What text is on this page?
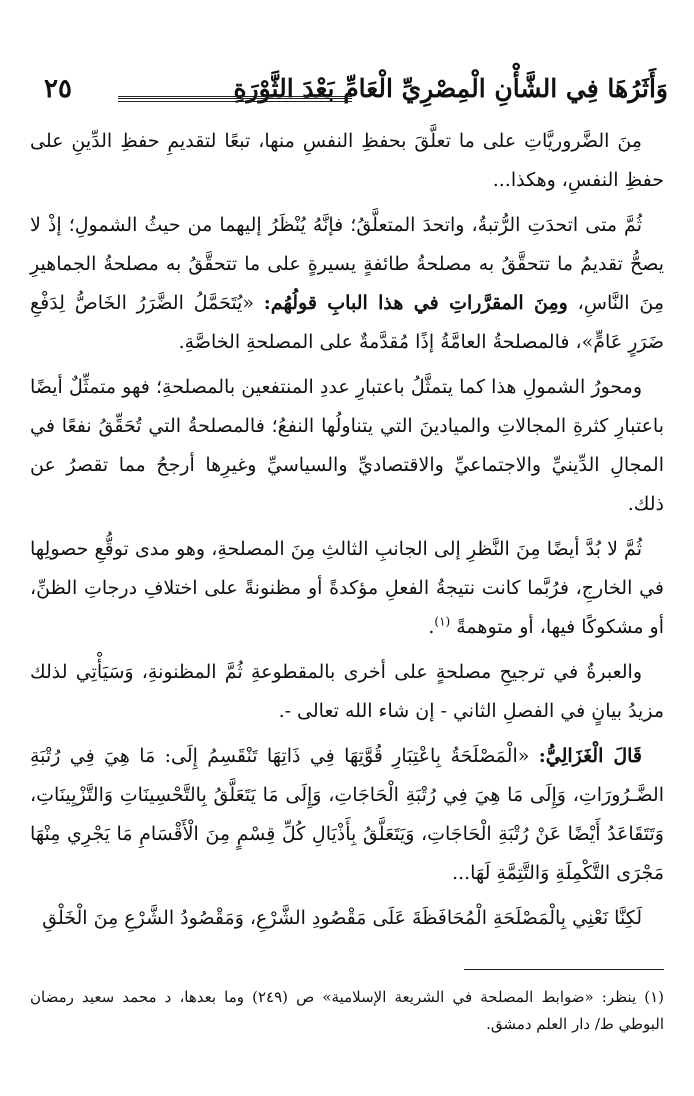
وَأَثَرُهَا فِي الشَّأْنِ الْمِصْرِيِّ الْعَامِّ بَعْدَ الثَّوْرَةِ
٢٥

مِنَ الضَّروريَّاتِ على ما تعلَّقَ بحفظِ النفسِ منها، تبعًا لتقديمِ حفظِ الدِّينِ على حفظِ النفسِ، وهكذا...

ثُمَّ متى اتحدَتِ الرُّتبةُ، واتحدَ المتعلَّقُ؛ فإنَّهُ يُنْظَرُ إليهما من حيثُ الشمولِ؛ إذْ لا يصحُّ تقديمُ ما تتحقَّقُ به مصلحةُ طائفةٍ يسيرةٍ على ما تتحقَّقُ به مصلحةُ الجماهيرِ مِنَ النَّاسِ، ومِنَ المقرَّراتِ في هذا البابِ قولُهُم: «يُتَحَمَّلُ الضَّرَرُ الخَاصُّ لِدَفْعِ ضَرَرٍ عَامٍّ»، فالمصلحةُ العامَّةُ إذًا مُقدَّمةٌ على المصلحةِ الخاصَّةِ.

ومحورُ الشمولِ هذا كما يتمثَّلُ باعتبارِ عددِ المنتفعين بالمصلحةِ؛ فهو متمثِّلٌ أيضًا باعتبارِ كثرةِ المجالاتِ والميادينَ التي يتناولُها النفعُ؛ فالمصلحةُ التي تُحَقِّقُ نفعًا في المجالِ الدِّينيِّ والاجتماعيِّ والاقتصاديِّ والسياسيِّ وغيرِها أرجحُ مما تقصرُ عن ذلك.

ثُمَّ لا بُدَّ أيضًا مِنَ النَّظرِ إلى الجانبِ الثالثِ مِنَ المصلحةِ، وهو مدى توقُّعِ حصولِها في الخارجِ، فرُبَّما كانت نتيجةُ الفعلِ مؤكدةً أو مظنونةً على اختلافِ درجاتِ الظنِّ، أو مشكوكًا فيها، أو متوهمةً $^{(١)}$.

والعبرةُ في ترجيحِ مصلحةٍ على أخرى بالمقطوعةِ ثُمَّ المظنونةِ، وَسَيَأْتِي لذلك مزيدُ بيانٍ في الفصلِ الثاني - إن شاء الله تعالى -.

قَالَ الْغَزَالِيُّ: «الْمَصْلَحَةُ بِاعْتِبَارِ قُوَّتِهَا فِي ذَاتِهَا تَنْقَسِمُ إِلَى: مَا هِيَ فِي رُتْبَةِ الضَّـرُورَاتِ، وَإِلَى مَا هِيَ فِي رُتْبَةِ الْحَاجَاتِ، وَإِلَى مَا يَتَعَلَّقُ بِالتَّحْسِينَاتِ وَالتَّزْيِينَاتِ، وَتَتَقَاعَدُ أَيْضًا عَنْ رُتْبَةِ الْحَاجَاتِ، وَيَتَعَلَّقُ بِأَذْيَالِ كُلِّ قِسْمٍ مِنَ الْأَقْسَامِ مَا يَجْرِي مِنْهَا مَجْرَى التَّكْمِلَةِ وَالتَّتِمَّةِ لَهَا...

لَكِنَّا نَعْنِي بِالْمَصْلَحَةِ الْمُحَافَظَةَ عَلَى مَقْصُودِ الشَّرْعِ، وَمَقْصُودُ الشَّرْعِ مِنَ الْخَلْقِ

(١) ينظر: «ضوابط المصلحة في الشريعة الإسلامية» ص (٢٤٩) وما بعدها، د محمد سعيد رمضان البوطي ط/ دار العلم دمشق.
